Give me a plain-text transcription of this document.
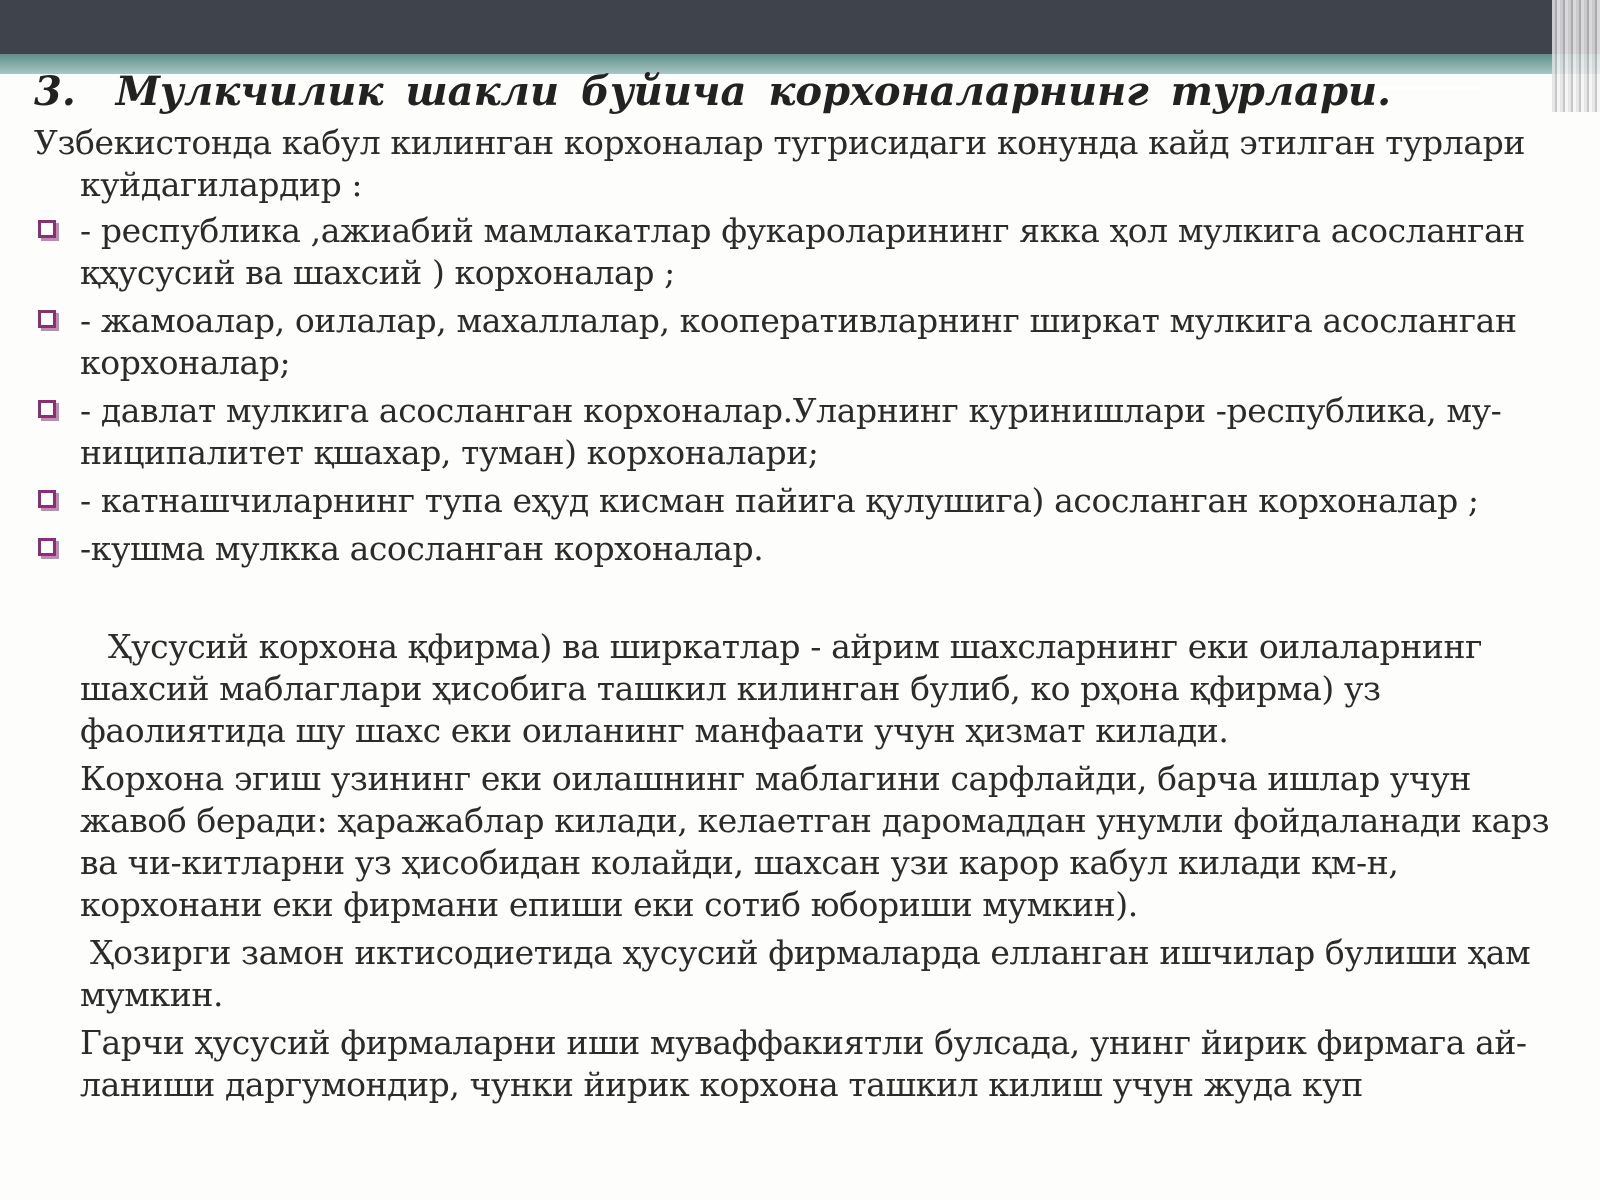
3. Мулкчилик шакли буйича корхоналарнинг турлари.

Узбекистонда кабул килинган корхоналар тугрисидаги конунда кайд этилган турлари куйдагилардир :

- республика ,ажиабий мамлакатлар фукароларининг якка ҳол мулкига асосланган қҳусусий ва шахсий ) корхоналар ;
- жамоалар, оилалар, махаллалар, кооперативларнинг ширкат мулкига асосланган корхоналар;
- давлат мулкига асосланган корхоналар.Уларнинг куринишлари -республика, му-ниципалитет қшахар, туман) корхоналари;
- катнашчиларнинг тупа еҳуд кисман пайига қулушига) асосланган корхоналар ;
-кушма мулкка асосланган корхоналар.

Ҳусусий корхона қфирма) ва ширкатлар - айрим шахсларнинг еки оилаларнинг шахсий маблаглари ҳисобига ташкил килинган булиб, ко рҳона қфирма) уз фаолиятида шу шахс еки оиланинг манфаати учун ҳизмат килади.

Корхона эгиш узининг еки оилашнинг маблагини сарфлайди, барча ишлар учун жавоб беради: ҳаражаблар килади, келаетган даромаддан унумли фойдаланади карз ва чи-китларни уз ҳисобидан колайди, шахсан узи карор кабул килади қм-н, корхонани еки фирмани епиши еки сотиб юбориши мумкин).

Ҳозирги замон иктисодиетида ҳусусий фирмаларда елланган ишчилар булиши ҳам мумкин.

Гарчи ҳусусий фирмаларни иши муваффакиятли булсада, унинг йирик фирмага ай-ланиши даргумондир, чунки йирик корхона ташкил килиш учун жуда куп
